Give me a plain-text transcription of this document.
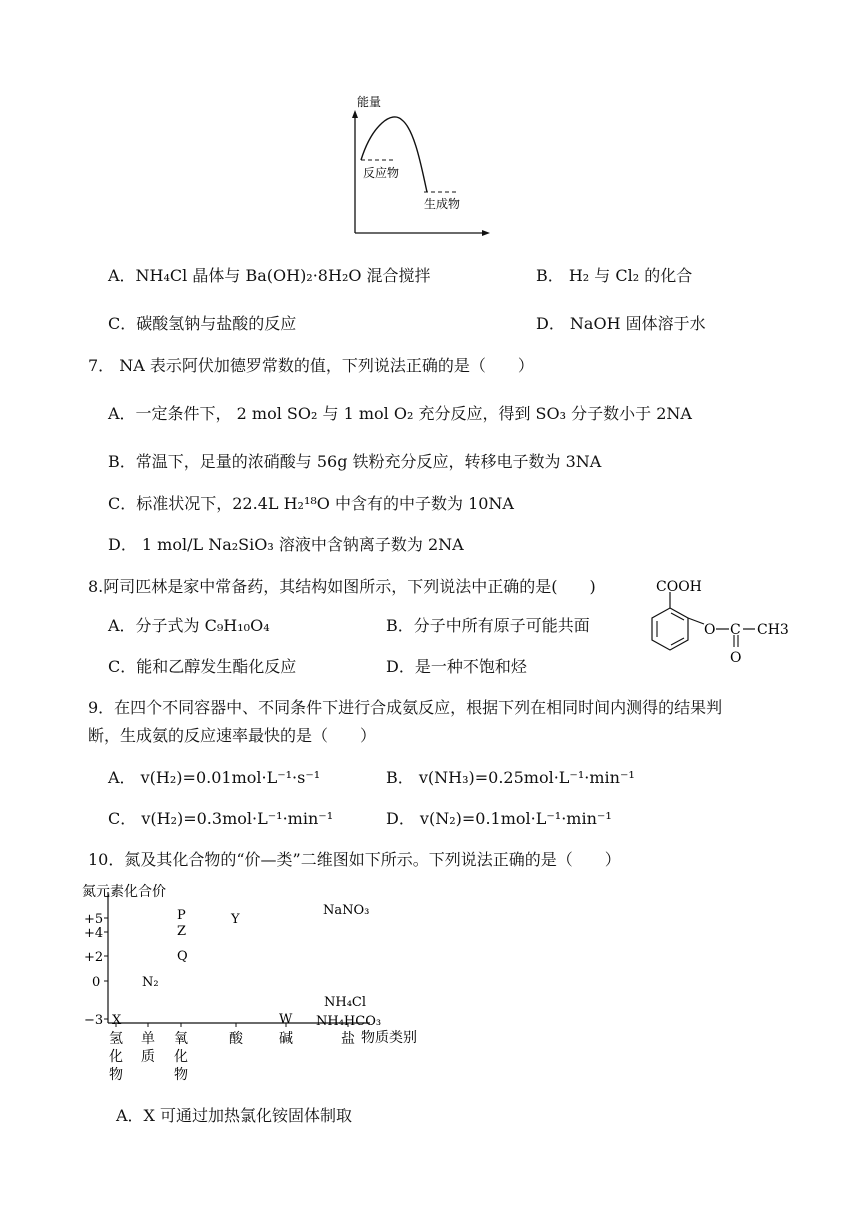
能量
反应物
生成物
A．NH₄Cl 晶体与 Ba(OH)₂·8H₂O 混合搅拌	B． H₂ 与 Cl₂ 的化合
C．碳酸氢钠与盐酸的反应	D． NaOH 固体溶于水
7． NA 表示阿伏加德罗常数的值，下列说法正确的是（　　）
A．一定条件下， 2 mol SO₂ 与 1 mol O₂ 充分反应，得到 SO₃ 分子数小于 2NA
B．常温下，足量的浓硝酸与 56g 铁粉充分反应，转移电子数为 3NA
C．标准状况下，22.4L H₂¹⁸O 中含有的中子数为 10NA
D． 1 mol/L Na₂SiO₃ 溶液中含钠离子数为 2NA
8.阿司匹林是家中常备药，其结构如图所示，下列说法中正确的是(　　)
A．分子式为 C₉H₁₀O₄	B．分子中所有原子可能共面
C．能和乙醇发生酯化反应	D．是一种不饱和烃
COOH
O C CH3
O
9．在四个不同容器中、不同条件下进行合成氨反应，根据下列在相同时间内测得的结果判
断，生成氨的反应速率最快的是（　　）
A． v(H₂)=0.01mol·L⁻¹·s⁻¹	B． v(NH₃)=0.25mol·L⁻¹·min⁻¹
C． v(H₂)=0.3mol·L⁻¹·min⁻¹	D． v(N₂)=0.1mol·L⁻¹·min⁻¹
10．氮及其化合物的“价—类”二维图如下所示。下列说法正确的是（　　）
氮元素化合价
+5
+4
+2
0
−3
P
Z
Q
Y
NaNO₃
N₂
X	W
NH₄Cl
NH₄HCO₃
氢化物
单质
氧化物
酸	碱	盐 物质类别
A．X 可通过加热氯化铵固体制取
